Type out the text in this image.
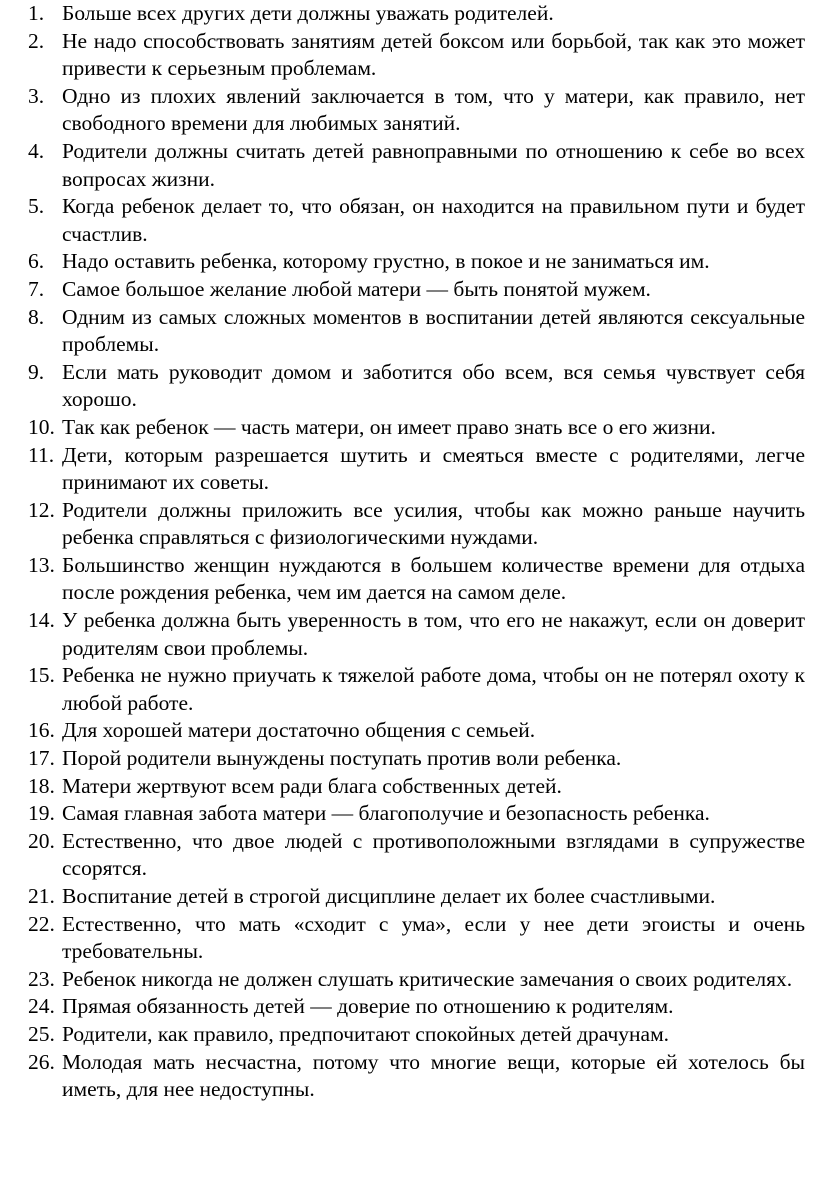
1. Больше всех других дети должны уважать родителей.
2. Не надо способствовать занятиям детей боксом или борьбой, так как это может привести к серьезным проблемам.
3. Одно из плохих явлений заключается в том, что у матери, как правило, нет свободного времени для любимых занятий.
4. Родители должны считать детей равноправными по отношению к себе во всех вопросах жизни.
5. Когда ребенок делает то, что обязан, он находится на правильном пути и будет счастлив.
6. Надо оставить ребенка, которому грустно, в покое и не заниматься им.
7. Самое большое желание любой матери — быть понятой мужем.
8. Одним из самых сложных моментов в воспитании детей являются сексуальные проблемы.
9. Если мать руководит домом и заботится обо всем, вся семья чувствует себя хорошо.
10. Так как ребенок — часть матери, он имеет право знать все о его жизни.
11. Дети, которым разрешается шутить и смеяться вместе с родителями, легче принимают их советы.
12. Родители должны приложить все усилия, чтобы как можно раньше научить ребенка справляться с физиологическими нуждами.
13. Большинство женщин нуждаются в большем количестве времени для отдыха после рождения ребенка, чем им дается на самом деле.
14. У ребенка должна быть уверенность в том, что его не накажут, если он доверит родителям свои проблемы.
15. Ребенка не нужно приучать к тяжелой работе дома, чтобы он не потерял охоту к любой работе.
16. Для хорошей матери достаточно общения с семьей.
17. Порой родители вынуждены поступать против воли ребенка.
18. Матери жертвуют всем ради блага собственных детей.
19. Самая главная забота матери — благополучие и безопасность ребенка.
20. Естественно, что двое людей с противоположными взглядами в супружестве ссорятся.
21. Воспитание детей в строгой дисциплине делает их более счастливыми.
22. Естественно, что мать «сходит с ума», если у нее дети эгоисты и очень требовательны.
23. Ребенок никогда не должен слушать критические замечания о своих родителях.
24. Прямая обязанность детей — доверие по отношению к родителям.
25. Родители, как правило, предпочитают спокойных детей драчунам.
26. Молодая мать несчастна, потому что многие вещи, которые ей хотелось бы иметь, для нее недоступны.
